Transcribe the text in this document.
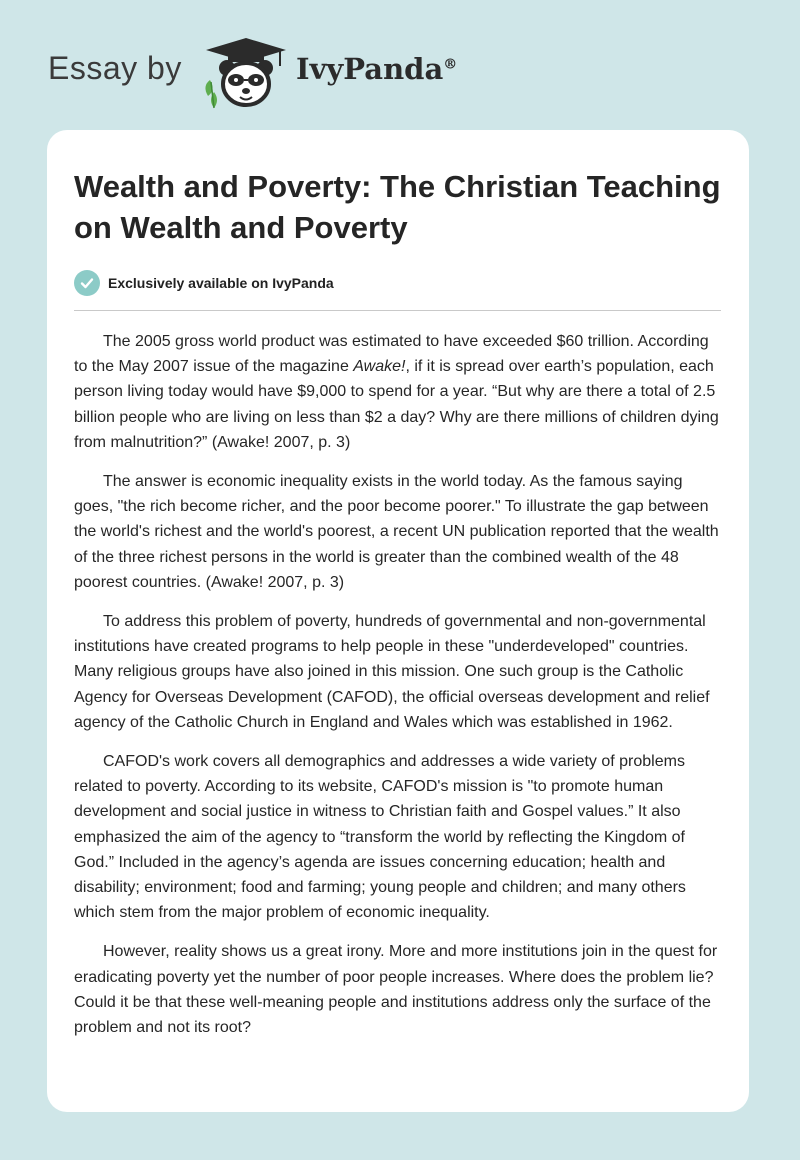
Essay by	IvyPanda®
Wealth and Poverty: The Christian Teaching on Wealth and Poverty
Exclusively available on IvyPanda

The 2005 gross world product was estimated to have exceeded $60 trillion. According to the May 2007 issue of the magazine Awake!, if it is spread over earth’s population, each person living today would have $9,000 to spend for a year. “But why are there a total of 2.5 billion people who are living on less than $2 a day? Why are there millions of children dying from malnutrition?” (Awake! 2007, p. 3)

The answer is economic inequality exists in the world today. As the famous saying goes, "the rich become richer, and the poor become poorer." To illustrate the gap between the world's richest and the world's poorest, a recent UN publication reported that the wealth of the three richest persons in the world is greater than the combined wealth of the 48 poorest countries. (Awake! 2007, p. 3)

To address this problem of poverty, hundreds of governmental and non-governmental institutions have created programs to help people in these "underdeveloped" countries. Many religious groups have also joined in this mission. One such group is the Catholic Agency for Overseas Development (CAFOD), the official overseas development and relief agency of the Catholic Church in England and Wales which was established in 1962.

CAFOD's work covers all demographics and addresses a wide variety of problems related to poverty. According to its website, CAFOD's mission is "to promote human development and social justice in witness to Christian faith and Gospel values.” It also emphasized the aim of the agency to “transform the world by reflecting the Kingdom of God.” Included in the agency’s agenda are issues concerning education; health and disability; environment; food and farming; young people and children; and many others which stem from the major problem of economic inequality.

However, reality shows us a great irony. More and more institutions join in the quest for eradicating poverty yet the number of poor people increases. Where does the problem lie? Could it be that these well-meaning people and institutions address only the surface of the problem and not its root?
